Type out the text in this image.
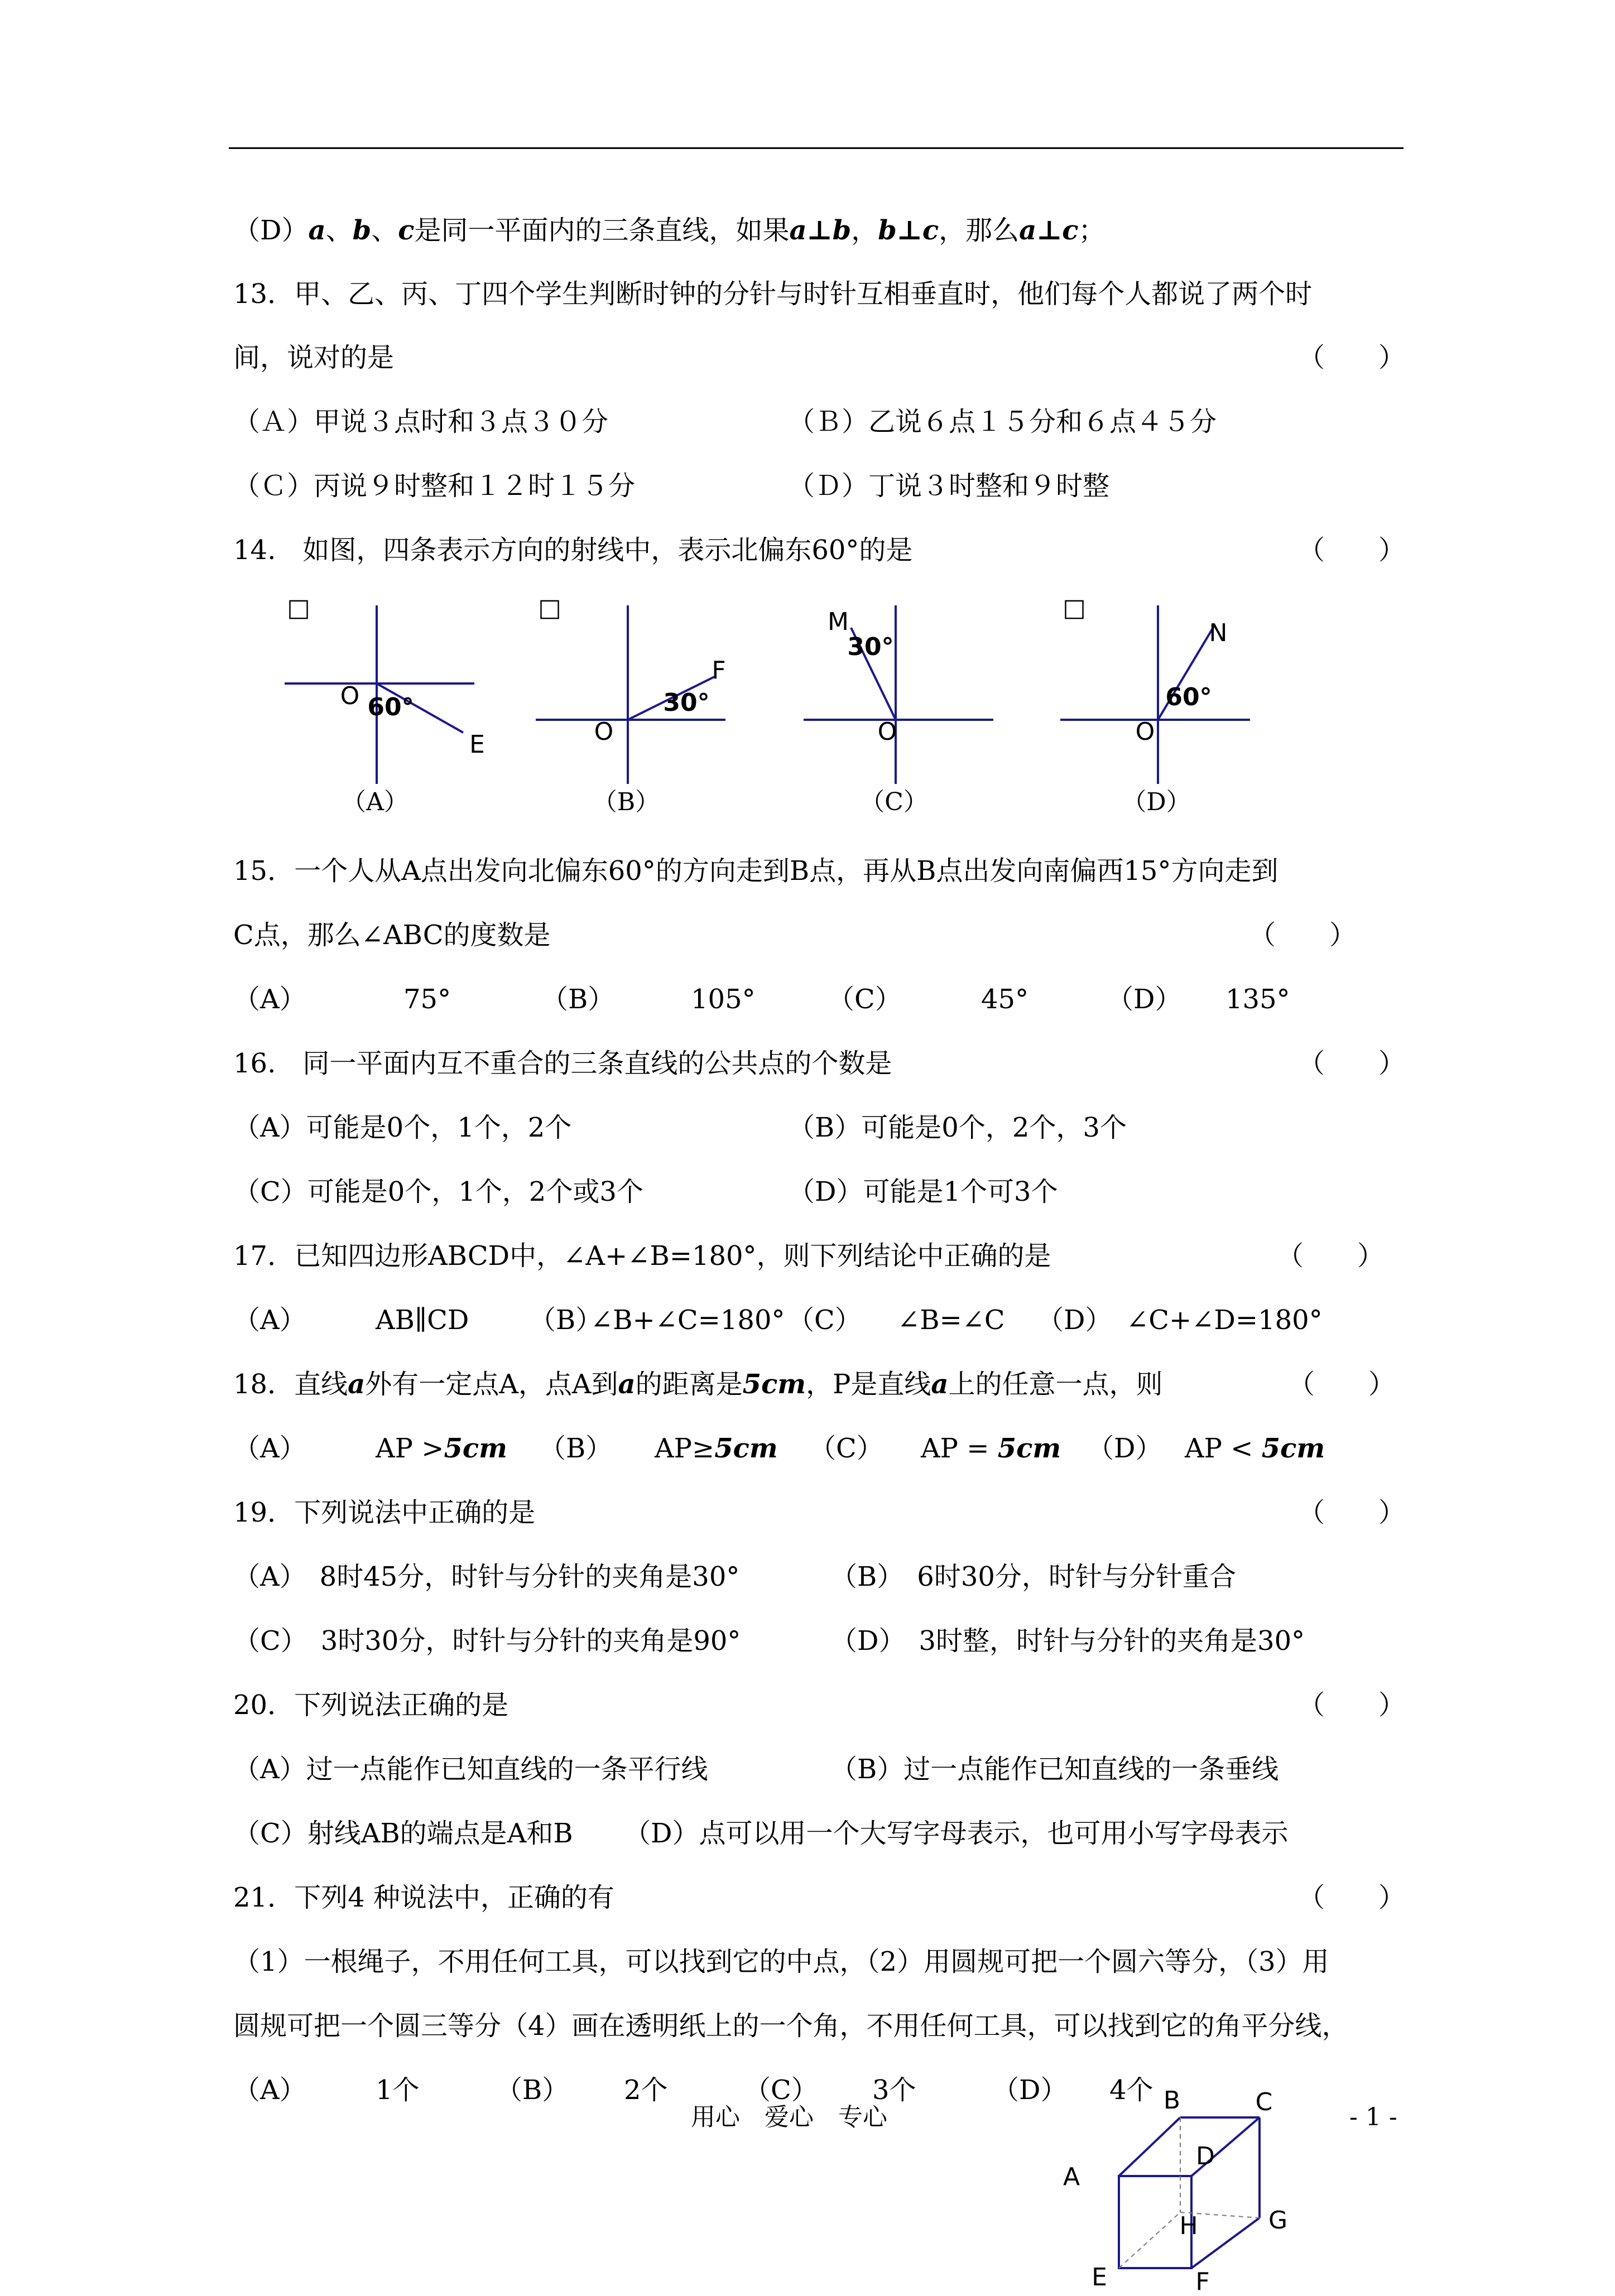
（D）a、b、c是同一平面内的三条直线，如果a⊥b，b⊥c，那么a⊥c；
13．甲、乙、丙、丁四个学生判断时钟的分针与时针互相垂直时，他们每个人都说了两个时
间，说对的是	（　　）
（Ａ）甲说３点时和３点３０分	（Ｂ）乙说６点１５分和６点４５分
（Ｃ）丙说９时整和１２时１５分	（Ｄ）丁说３时整和９时整
14.　如图，四条表示方向的射线中，表示北偏东60°的是	（　　）
□
O 60°
E
（A）
□
O
30°
F
（B）
M
30°
O
（C）
□
O
60°
N
（D）
15．一个人从A点出发向北偏东60°的方向走到B点，再从B点出发向南偏西15°方向走到
C点，那么∠ABC的度数是	（　　）
（A）	75°	（B）	105°	（C）	45°	（D） 135°
16.　同一平面内互不重合的三条直线的公共点的个数是	（　　）
（A）可能是0个，1个，2个	（B）可能是0个，2个，3个
（C）可能是0个，1个，2个或3个	（D）可能是1个可3个
17．已知四边形ABCD中，∠A+∠B=180°，则下列结论中正确的是	（　　）
（A）	AB∥CD （B）
∠B+∠C=180° （C） ∠B=∠C （D） ∠C+∠D=180°
18．直线a外有一定点A，点A到a的距离是5cm，P是直线a上的任意一点，则	（　　）
（A）	AP >5cm （B） AP≥5cm （C） AP = 5cm （D） AP < 5cm
19．下列说法中正确的是	（　　）
（A）　8时45分，时针与分针的夹角是30°	（B）　6时30分，时针与分针重合
（C）　3时30分，时针与分针的夹角是90°	（D）　3时整，时针与分针的夹角是30°
20．下列说法正确的是	（　　）
（A）过一点能作已知直线的一条平行线	（B）过一点能作已知直线的一条垂线
（C）射线AB的端点是A和B （D）点可以用一个大写字母表示，也可用小写字母表示
21．下列4 种说法中，正确的有	（　　）
（1）一根绳子，不用任何工具，可以找到它的中点，（2）用圆规可把一个圆六等分，（3）用
圆规可把一个圆三等分（4）画在透明纸上的一个角，不用任何工具，可以找到它的角平分线，
（A）	1个	（B） 2个	（C） 3个	（D） 4个
A
B	C
D
E	F
G
H
用心　爱心　专心	- 1 -
